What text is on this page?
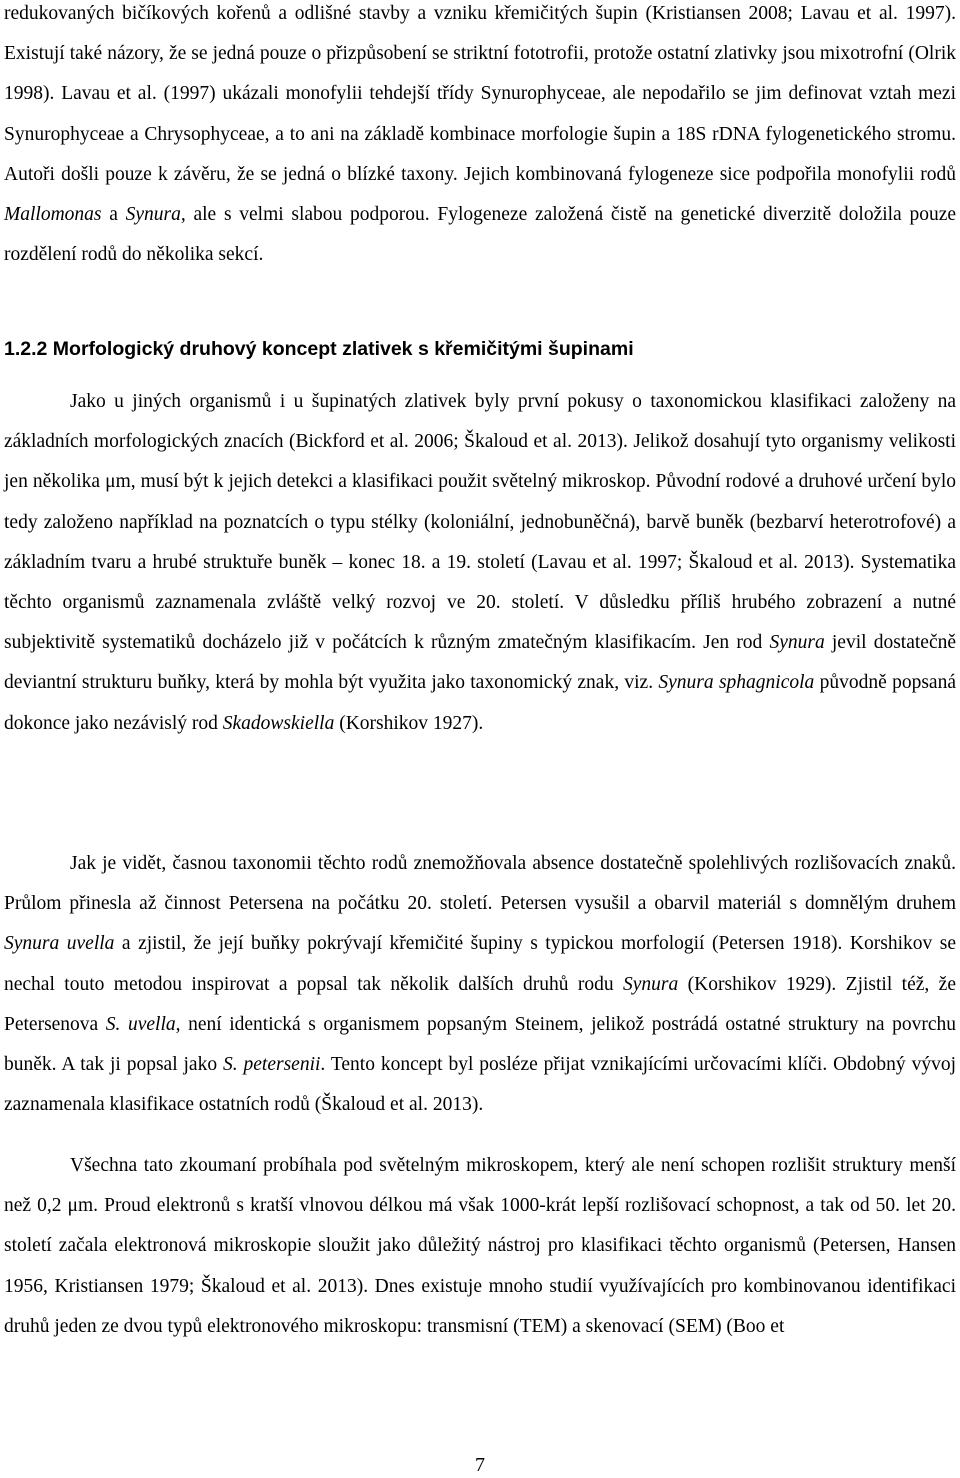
redukovaných bičíkových kořenů a odlišné stavby a vzniku křemičitých šupin (Kristiansen 2008; Lavau et al. 1997). Existují také názory, že se jedná pouze o přizpůsobení se striktní fototrofii, protože ostatní zlativky jsou mixotrofní (Olrik 1998). Lavau et al. (1997) ukázali monofylii tehdejší třídy Synurophyceae, ale nepodařilo se jim definovat vztah mezi Synurophyceae a Chrysophyceae, a to ani na základě kombinace morfologie šupin a 18S rDNA fylogenetického stromu. Autoři došli pouze k závěru, že se jedná o blízké taxony. Jejich kombinovaná fylogeneze sice podpořila monofylii rodů Mallomonas a Synura, ale s velmi slabou podporou. Fylogeneze založená čistě na genetické diverzitě doložila pouze rozdělení rodů do několika sekcí.

1.2.2 Morfologický druhový koncept zlativek s křemičitými šupinami

Jako u jiných organismů i u šupinatých zlativek byly první pokusy o taxonomickou klasifikaci založeny na základních morfologických znacích (Bickford et al. 2006; Škaloud et al. 2013). Jelikož dosahují tyto organismy velikosti jen několika μm, musí být k jejich detekci a klasifikaci použit světelný mikroskop. Původní rodové a druhové určení bylo tedy založeno například na poznatcích o typu stélky (koloniální, jednobuněčná), barvě buněk (bezbarví heterotrofové) a základním tvaru a hrubé struktuře buněk – konec 18. a 19. století (Lavau et al. 1997; Škaloud et al. 2013). Systematika těchto organismů zaznamenala zvláště velký rozvoj ve 20. století. V důsledku příliš hrubého zobrazení a nutné subjektivitě systematiků docházelo již v počátcích k různým zmatečným klasifikacím. Jen rod Synura jevil dostatečně deviantní strukturu buňky, která by mohla být využita jako taxonomický znak, viz. Synura sphagnicola původně popsaná dokonce jako nezávislý rod Skadowskiella (Korshikov 1927).

Jak je vidět, časnou taxonomii těchto rodů znemožňovala absence dostatečně spolehlivých rozlišovacích znaků. Průlom přinesla až činnost Petersena na počátku 20. století. Petersen vysušil a obarvil materiál s domnělým druhem Synura uvella a zjistil, že její buňky pokrývají křemičité šupiny s typickou morfologií (Petersen 1918). Korshikov se nechal touto metodou inspirovat a popsal tak několik dalších druhů rodu Synura (Korshikov 1929). Zjistil též, že Petersenova S. uvella, není identická s organismem popsaným Steinem, jelikož postrádá ostatné struktury na povrchu buněk. A tak ji popsal jako S. petersenii. Tento koncept byl posléze přijat vznikajícími určovacími klíči. Obdobný vývoj zaznamenala klasifikace ostatních rodů (Škaloud et al. 2013).

Všechna tato zkoumaní probíhala pod světelným mikroskopem, který ale není schopen rozlišit struktury menší než 0,2 μm. Proud elektronů s kratší vlnovou délkou má však 1000-krát lepší rozlišovací schopnost, a tak od 50. let 20. století začala elektronová mikroskopie sloužit jako důležitý nástroj pro klasifikaci těchto organismů (Petersen, Hansen 1956, Kristiansen 1979; Škaloud et al. 2013). Dnes existuje mnoho studií využívajících pro kombinovanou identifikaci druhů jeden ze dvou typů elektronového mikroskopu: transmisní (TEM) a skenovací (SEM) (Boo et

7
